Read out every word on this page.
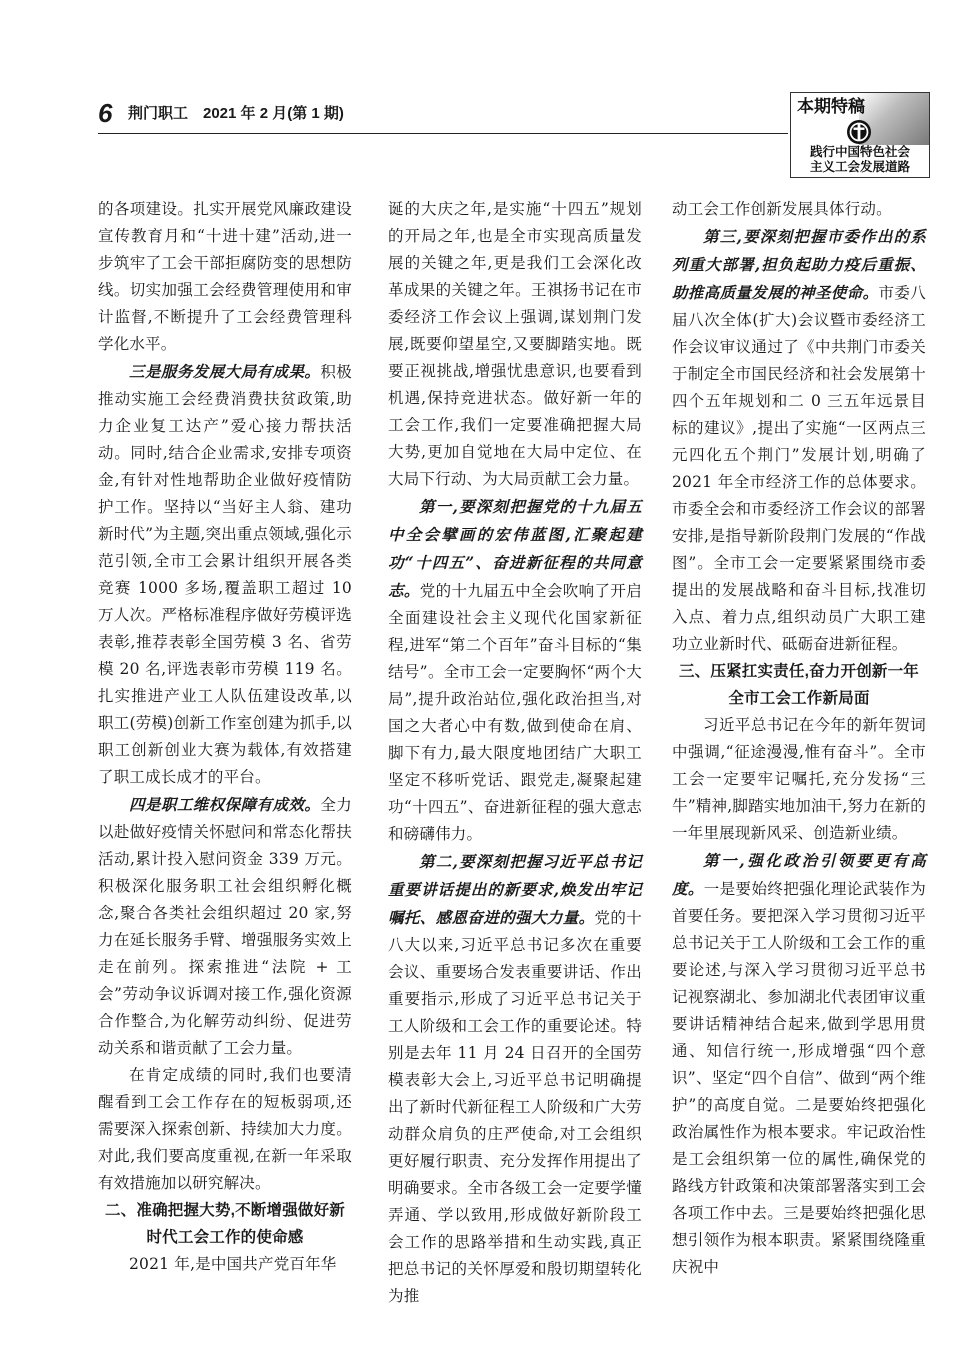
6 荆门职工　2021 年 2 月(第 1 期)	本期特稿
践行中国特色社会
主义工会发展道路

的各项建设。扎实开展党风廉政建设宣传教育月和“十进十建”活动,进一步筑牢了工会干部拒腐防变的思想防线。切实加强工会经费管理使用和审计监督,不断提升了工会经费管理科学化水平。

三是服务发展大局有成果。积极推动实施工会经费消费扶贫政策,助力企业复工达产”爱心接力帮扶活动。同时,结合企业需求,安排专项资金,有针对性地帮助企业做好疫情防护工作。坚持以“当好主人翁、建功新时代”为主题,突出重点领域,强化示范引领,全市工会累计组织开展各类竞赛 1000 多场,覆盖职工超过 10 万人次。严格标准程序做好劳模评选表彰,推荐表彰全国劳模 3 名、省劳模 20 名,评选表彰市劳模 119 名。扎实推进产业工人队伍建设改革,以职工(劳模)创新工作室创建为抓手,以职工创新创业大赛为载体,有效搭建了职工成长成才的平台。

四是职工维权保障有成效。全力以赴做好疫情关怀慰问和常态化帮扶活动,累计投入慰问资金 339 万元。积极深化服务职工社会组织孵化概念,聚合各类社会组织超过 20 家,努力在延长服务手臂、增强服务实效上走在前列。探索推进“法院 + 工会”劳动争议诉调对接工作,强化资源合作整合,为化解劳动纠纷、促进劳动关系和谐贡献了工会力量。

在肯定成绩的同时,我们也要清醒看到工会工作存在的短板弱项,还需要深入探索创新、持续加大力度。对此,我们要高度重视,在新一年采取有效措施加以研究解决。

二、准确把握大势,不断增强做好新时代工会工作的使命感

2021 年,是中国共产党百年华

诞的大庆之年,是实施“十四五”规划的开局之年,也是全市实现高质量发展的关键之年,更是我们工会深化改革成果的关键之年。王祺扬书记在市委经济工作会议上强调,谋划荆门发展,既要仰望星空,又要脚踏实地。既要正视挑战,增强忧患意识,也要看到机遇,保持竞进状态。做好新一年的工会工作,我们一定要准确把握大局大势,更加自觉地在大局中定位、在大局下行动、为大局贡献工会力量。

第一,要深刻把握党的十九届五中全会擘画的宏伟蓝图,汇聚起建功“十四五”、奋进新征程的共同意志。党的十九届五中全会吹响了开启全面建设社会主义现代化国家新征程,进军“第二个百年”奋斗目标的“集结号”。全市工会一定要胸怀“两个大局”,提升政治站位,强化政治担当,对国之大者心中有数,做到使命在肩、脚下有力,最大限度地团结广大职工坚定不移听党话、跟党走,凝聚起建功“十四五”、奋进新征程的强大意志和磅礴伟力。

第二,要深刻把握习近平总书记重要讲话提出的新要求,焕发出牢记嘱托、感恩奋进的强大力量。党的十八大以来,习近平总书记多次在重要会议、重要场合发表重要讲话、作出重要指示,形成了习近平总书记关于工人阶级和工会工作的重要论述。特别是去年 11 月 24 日召开的全国劳模表彰大会上,习近平总书记明确提出了新时代新征程工人阶级和广大劳动群众肩负的庄严使命,对工会组织更好履行职责、充分发挥作用提出了明确要求。全市各级工会一定要学懂弄通、学以致用,形成做好新阶段工会工作的思路举措和生动实践,真正把总书记的关怀厚爱和殷切期望转化为推

动工会工作创新发展具体行动。

第三,要深刻把握市委作出的系列重大部署,担负起助力疫后重振、助推高质量发展的神圣使命。市委八届八次全体(扩大)会议暨市委经济工作会议审议通过了《中共荆门市委关于制定全市国民经济和社会发展第十四个五年规划和二 0 三五年远景目标的建议》,提出了实施“一区两点三元四化五个荆门”发展计划,明确了 2021 年全市经济工作的总体要求。市委全会和市委经济工作会议的部署安排,是指导新阶段荆门发展的“作战图”。全市工会一定要紧紧围绕市委提出的发展战略和奋斗目标,找准切入点、着力点,组织动员广大职工建功立业新时代、砥砺奋进新征程。

三、压紧扛实责任,奋力开创新一年全市工会工作新局面

习近平总书记在今年的新年贺词中强调,“征途漫漫,惟有奋斗”。全市工会一定要牢记嘱托,充分发扬“三牛”精神,脚踏实地加油干,努力在新的一年里展现新风采、创造新业绩。

第一,强化政治引领要更有高度。一是要始终把强化理论武装作为首要任务。要把深入学习贯彻习近平总书记关于工人阶级和工会工作的重要论述,与深入学习贯彻习近平总书记视察湖北、参加湖北代表团审议重要讲话精神结合起来,做到学思用贯通、知信行统一,形成增强“四个意识”、坚定“四个自信”、做到“两个维护”的高度自觉。二是要始终把强化政治属性作为根本要求。牢记政治性是工会组织第一位的属性,确保党的路线方针政策和决策部署落实到工会各项工作中去。三是要始终把强化思想引领作为根本职责。紧紧围绕隆重庆祝中
